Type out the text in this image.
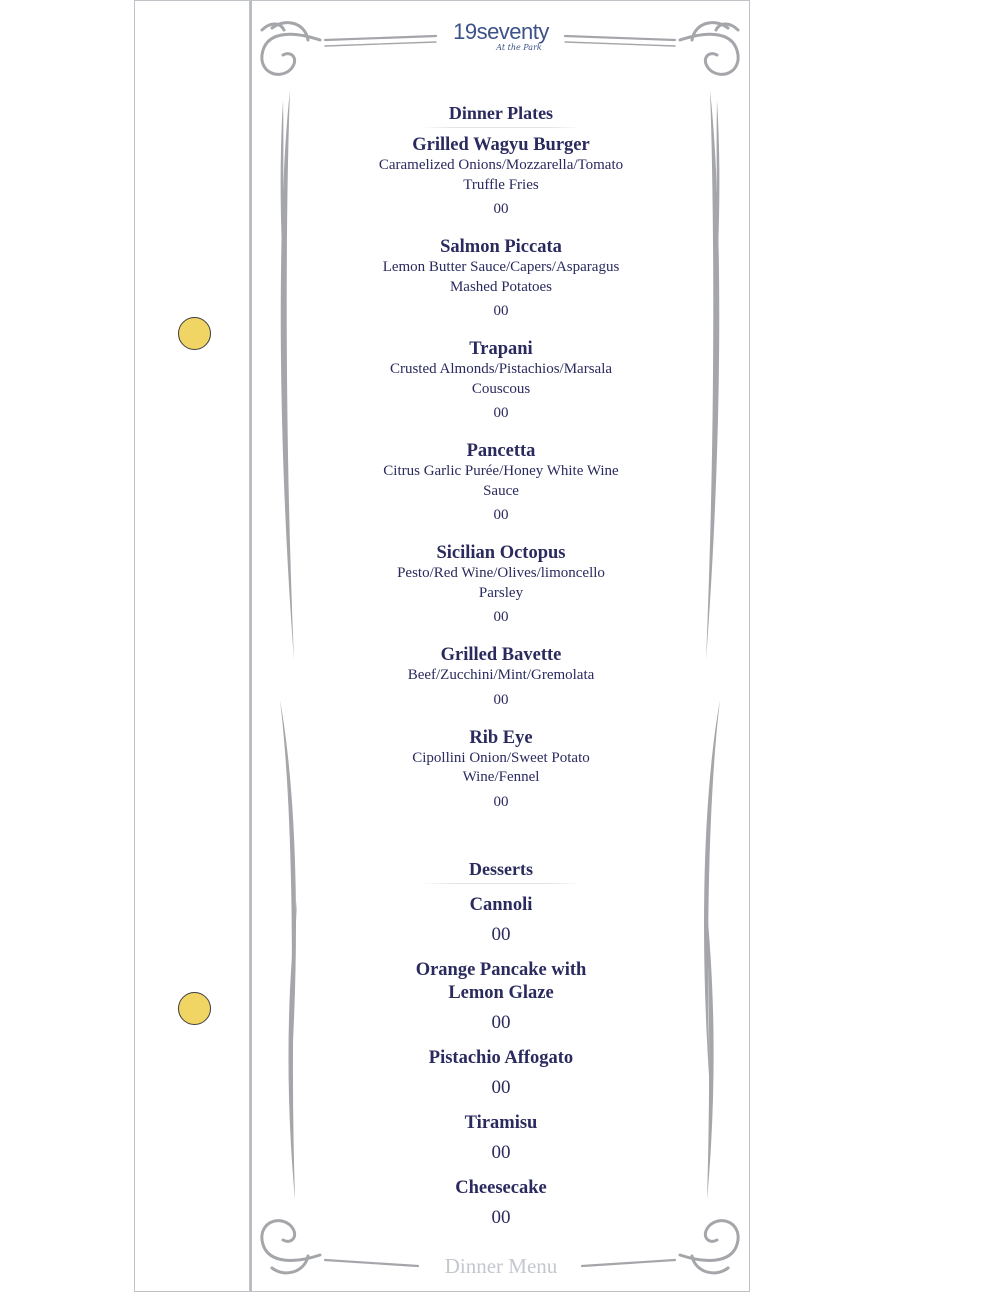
19seventy
At the Park
Dinner Plates

Grilled Wagyu Burger

Caramelized Onions/Mozzarella/Tomato

Truffle Fries

00

Salmon Piccata

Lemon Butter Sauce/Capers/Asparagus

Mashed Potatoes

00

Trapani

Crusted Almonds/Pistachios/Marsala

Couscous

00

Pancetta

Citrus Garlic Purée/Honey White Wine

Sauce

00

Sicilian Octopus

Pesto/Red Wine/Olives/limoncello

Parsley

00

Grilled Bavette

Beef/Zucchini/Mint/Gremolata

00

Rib Eye

Cipollini Onion/Sweet Potato

Wine/Fennel

00
Desserts

Cannoli

00

Orange Pancake with

Lemon Glaze

00

Pistachio Affogato

00

Tiramisu

00

Cheesecake

00
Dinner Menu
